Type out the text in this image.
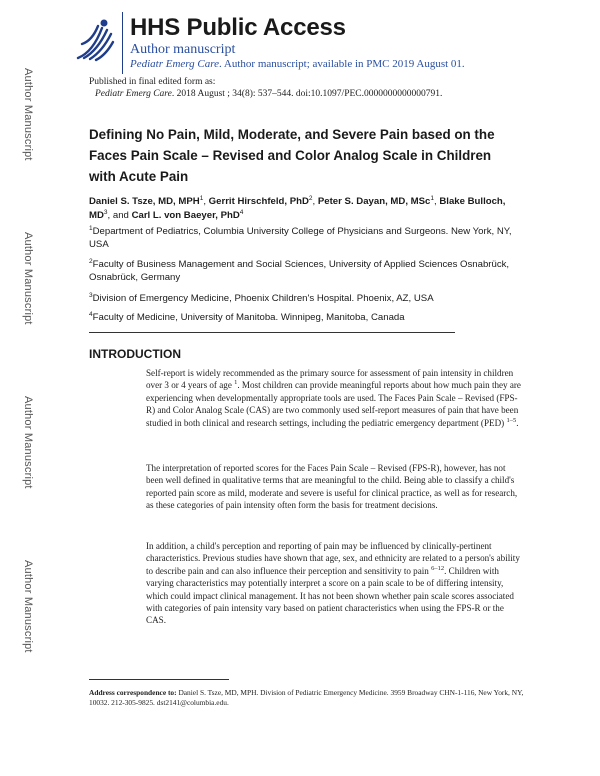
HHS Public Access
Author manuscript
Pediatr Emerg Care. Author manuscript; available in PMC 2019 August 01.
Author Manuscript
Author Manuscript
Author Manuscript
Author Manuscript
Published in final edited form as:
Pediatr Emerg Care. 2018 August ; 34(8): 537–544. doi:10.1097/PEC.0000000000000791.
Defining No Pain, Mild, Moderate, and Severe Pain based on the Faces Pain Scale – Revised and Color Analog Scale in Children with Acute Pain
Daniel S. Tsze, MD, MPH$^1$, Gerrit Hirschfeld, PhD$^2$, Peter S. Dayan, MD, MSc$^1$, Blake Bulloch, $MD^3$, and Carl L. von Baeyer, PhD$^4$
$^1$Department of Pediatrics, Columbia University College of Physicians and Surgeons. New York, NY, USA
$^2$Faculty of Business Management and Social Sciences, University of Applied Sciences Osnabrück, Osnabrück, Germany
$^3$Division of Emergency Medicine, Phoenix Children's Hospital. Phoenix, AZ, USA
$^4$Faculty of Medicine, University of Manitoba. Winnipeg, Manitoba, Canada
INTRODUCTION

Self-report is widely recommended as the primary source for assessment of pain intensity in children over 3 or 4 years of age $^1$. Most children can provide meaningful reports about how much pain they are experiencing when developmentally appropriate tools are used. The Faces Pain Scale – Revised (FPS-R) and Color Analog Scale (CAS) are two commonly used self-report measures of pain that have been studied in both clinical and research settings, including the pediatric emergency department (PED) $^{1-5}$.

The interpretation of reported scores for the Faces Pain Scale – Revised (FPS-R), however, has not been well defined in qualitative terms that are meaningful to the child. Being able to classify a child's reported pain score as mild, moderate and severe is useful for clinical practice, as well as for research, as these categories of pain intensity often form the basis for treatment decisions.

In addition, a child's perception and reporting of pain may be influenced by clinically-pertinent characteristics. Previous studies have shown that age, sex, and ethnicity are related to a person's ability to describe pain and can also influence their perception and sensitivity to pain $^{6-12}$. Children with varying characteristics may potentially interpret a score on a pain scale to be of differing intensity, which could impact clinical management. It has not been shown whether pain scale scores associated with categories of pain intensity vary based on patient characteristics when using the FPS-R or the CAS.

Address correspondence to: Daniel S. Tsze, MD, MPH. Division of Pediatric Emergency Medicine. 3959 Broadway CHN-1-116, New York, NY, 10032. 212-305-9825. dst2141@columbia.edu.
